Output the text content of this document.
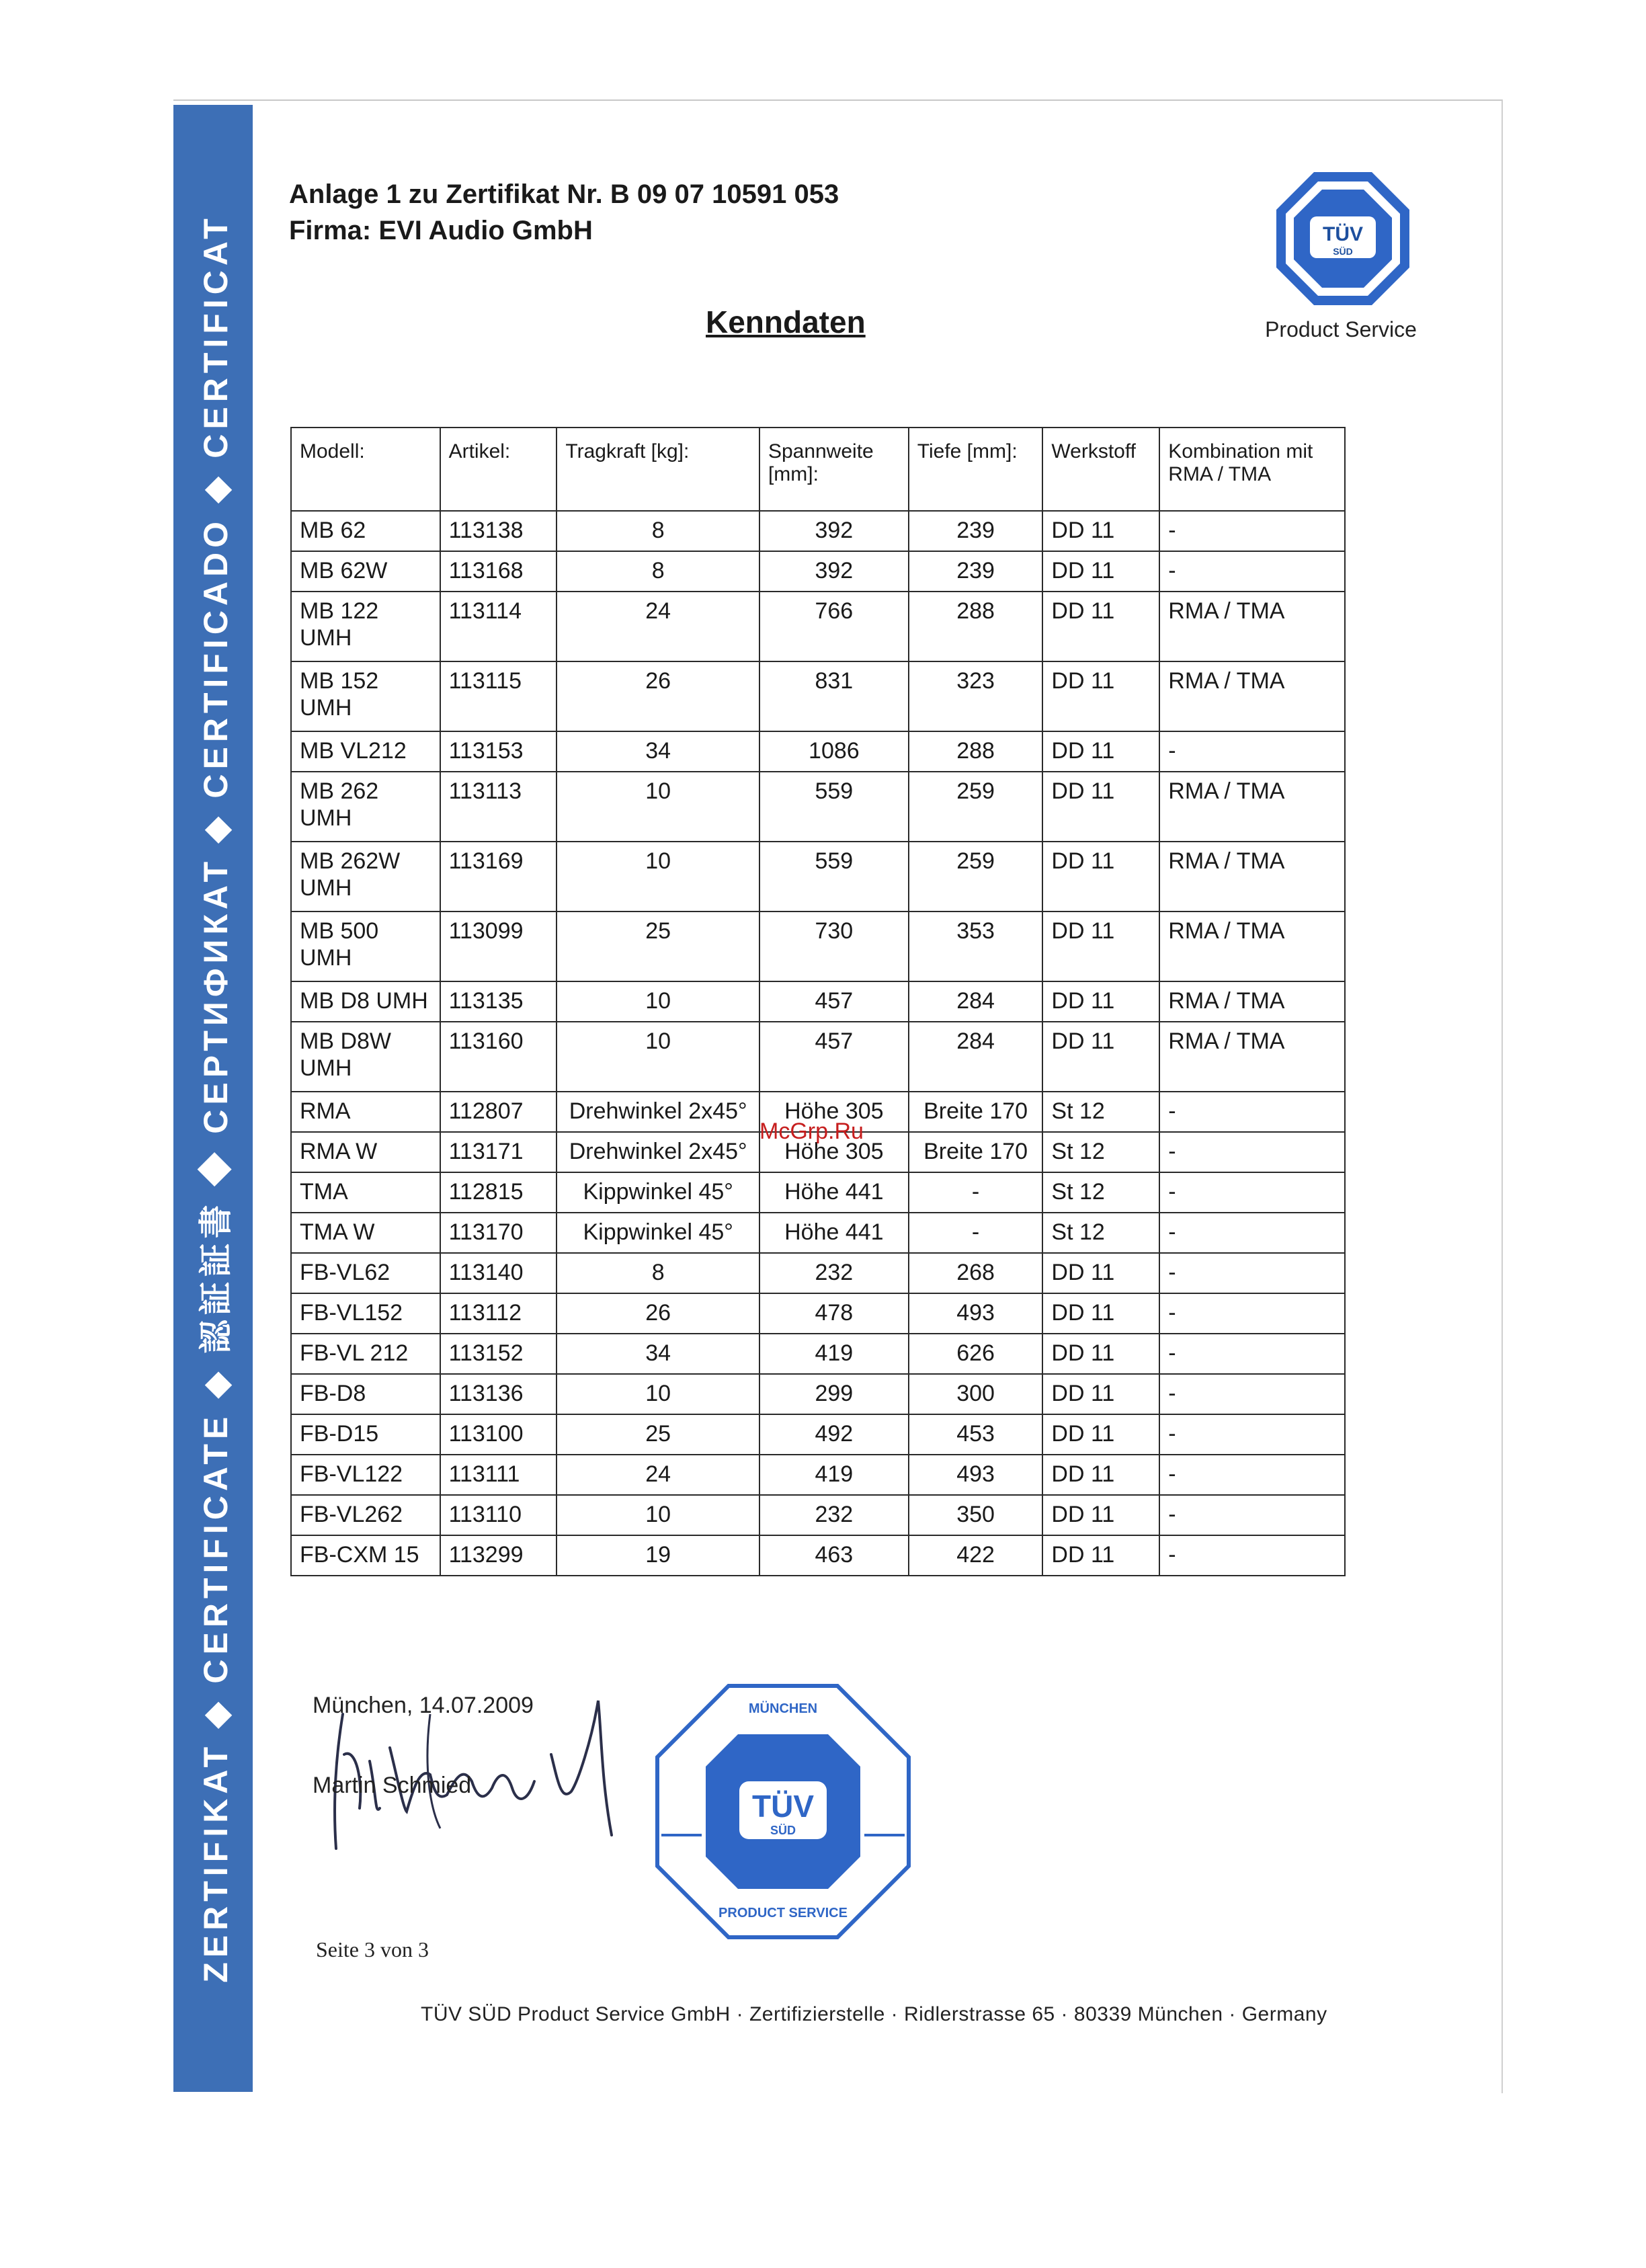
ZERTIFIKAT ◆ CERTIFICATE ◆ 認証証書 ◆ СЕРТИФИКАТ ◆ CERTIFICADO ◆ CERTIFICAT
Anlage 1 zu Zertifikat Nr. B 09 07 10591 053
Firma: EVI Audio GmbH
Kenndaten
TÜV
SÜD
Product Service
Modell:	Artikel:	Tragkraft [kg]:	Spannweite [mm]:	Tiefe [mm]:	Werkstoff	Kombination mit RMA / TMA
MB 62	113138	8	392	239	DD 11	-
MB 62W	113168	8	392	239	DD 11	-
MB 122 UMH	113114	24	766	288	DD 11	RMA / TMA
MB 152 UMH	113115	26	831	323	DD 11	RMA / TMA
MB VL212	113153	34	1086	288	DD 11	-
MB 262 UMH	113113	10	559	259	DD 11	RMA / TMA
MB 262W UMH	113169	10	559	259	DD 11	RMA / TMA
MB 500 UMH	113099	25	730	353	DD 11	RMA / TMA
MB D8 UMH	113135	10	457	284	DD 11	RMA / TMA
MB D8W UMH	113160	10	457	284	DD 11	RMA / TMA
RMA	112807	Drehwinkel 2x45°	Höhe 305	Breite 170	St 12	-
RMA W	113171	Drehwinkel 2x45°	Höhe 305	Breite 170	St 12	-
TMA	112815	Kippwinkel 45°	Höhe 441	-	St 12	-
TMA W	113170	Kippwinkel 45°	Höhe 441	-	St 12	-
FB-VL62	113140	8	232	268	DD 11	-
FB-VL152	113112	26	478	493	DD 11	-
FB-VL 212	113152	34	419	626	DD 11	-
FB-D8	113136	10	299	300	DD 11	-
FB-D15	113100	25	492	453	DD 11	-
FB-VL122	113111	24	419	493	DD 11	-
FB-VL262	113110	10	232	350	DD 11	-
FB-CXM 15	113299	19	463	422	DD 11	-
McGrp.Ru
München, 14.07.2009
Martin Schmied
TÜV
SÜD
MÜNCHEN
PRODUCT SERVICE
Seite 3 von 3
TÜV SÜD Product Service GmbH · Zertifizierstelle · Ridlerstrasse 65 · 80339 München · Germany
